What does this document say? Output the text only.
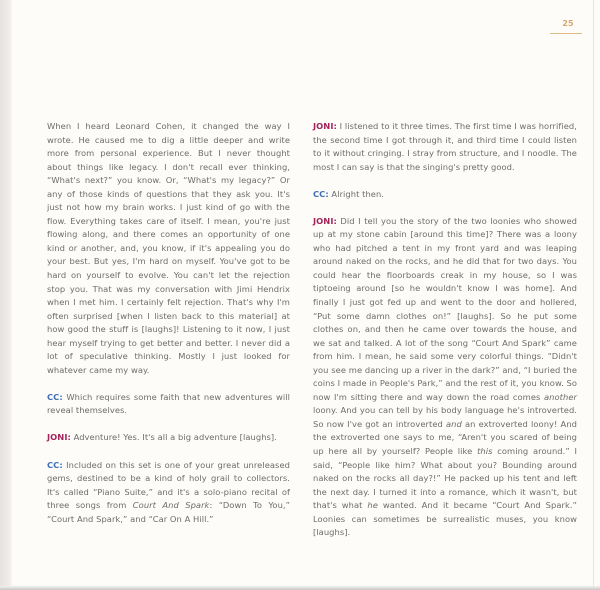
25

When I heard Leonard Cohen, it changed the way I wrote. He caused me to dig a little deeper and write more from personal experience. But I never thought about things like legacy. I don't recall ever thinking, “What's next?” you know. Or, “What's my legacy?” Or any of those kinds of questions that they ask you. It's just not how my brain works. I just kind of go with the flow. Everything takes care of itself. I mean, you're just flowing along, and there comes an opportunity of one kind or another, and, you know, if it's appealing you do your best. But yes, I'm hard on myself. You've got to be hard on yourself to evolve. You can't let the rejection stop you. That was my conversation with Jimi Hendrix when I met him. I certainly felt rejection. That's why I'm often surprised [when I listen back to this material] at how good the stuff is [laughs]! Listening to it now, I just hear myself trying to get better and better. I never did a lot of speculative thinking. Mostly I just looked for whatever came my way.

CC: Which requires some faith that new adventures will reveal themselves.

JONI: Adventure! Yes. It's all a big adventure [laughs].

CC: Included on this set is one of your great unreleased gems, destined to be a kind of holy grail to collectors. It's called “Piano Suite,” and it's a solo-piano recital of three songs from Court And Spark: “Down To You,” “Court And Spark,” and “Car On A Hill.”

JONI: I listened to it three times. The first time I was horrified, the second time I got through it, and third time I could listen to it without cringing. I stray from structure, and I noodle. The most I can say is that the singing's pretty good.

CC: Alright then.

JONI: Did I tell you the story of the two loonies who showed up at my stone cabin [around this time]? There was a loony who had pitched a tent in my front yard and was leaping around naked on the rocks, and he did that for two days. You could hear the floorboards creak in my house, so I was tiptoeing around [so he wouldn't know I was home]. And finally I just got fed up and went to the door and hollered, “Put some damn clothes on!” [laughs]. So he put some clothes on, and then he came over towards the house, and we sat and talked. A lot of the song “Court And Spark” came from him. I mean, he said some very colorful things. “Didn't you see me dancing up a river in the dark?” and, “I buried the coins I made in People's Park,” and the rest of it, you know. So now I'm sitting there and way down the road comes another loony. And you can tell by his body language he's introverted. So now I've got an introverted and an extroverted loony! And the extroverted one says to me, “Aren't you scared of being up here all by yourself? People like this coming around.” I said, “People like him? What about you? Bounding around naked on the rocks all day?!” He packed up his tent and left the next day. I turned it into a romance, which it wasn't, but that's what he wanted. And it became “Court And Spark.” Loonies can sometimes be surrealistic muses, you know [laughs].
